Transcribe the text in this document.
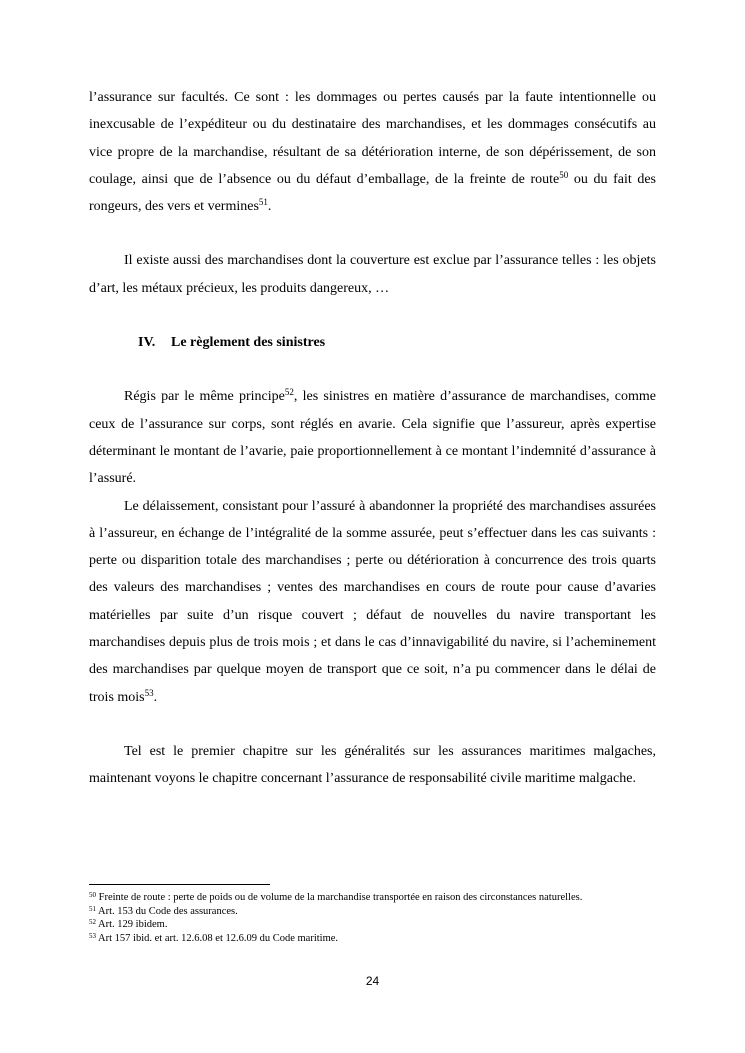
l’assurance sur facultés. Ce sont : les dommages ou pertes causés par la faute intentionnelle ou inexcusable de l’expéditeur ou du destinataire des marchandises, et les dommages consécutifs au vice propre de la marchandise, résultant de sa détérioration interne, de son dépérissement, de son coulage, ainsi que de l’absence ou du défaut d’emballage, de la freinte de route$^{50}$ ou du fait des rongeurs, des vers et vermines$^{51}$.

Il existe aussi des marchandises dont la couverture est exclue par l’assurance telles : les objets d’art, les métaux précieux, les produits dangereux, …

IV. Le règlement des sinistres

Régis par le même principe$^{52}$, les sinistres en matière d’assurance de marchandises, comme ceux de l’assurance sur corps, sont réglés en avarie. Cela signifie que l’assureur, après expertise déterminant le montant de l’avarie, paie proportionnellement à ce montant l’indemnité d’assurance à l’assuré.

Le délaissement, consistant pour l’assuré à abandonner la propriété des marchandises assurées à l’assureur, en échange de l’intégralité de la somme assurée, peut s’effectuer dans les cas suivants : perte ou disparition totale des marchandises ; perte ou détérioration à concurrence des trois quarts des valeurs des marchandises ; ventes des marchandises en cours de route pour cause d’avaries matérielles par suite d’un risque couvert ; défaut de nouvelles du navire transportant les marchandises depuis plus de trois mois ; et dans le cas d’innavigabilité du navire, si l’acheminement des marchandises par quelque moyen de transport que ce soit, n’a pu commencer dans le délai de trois mois$^{53}$.

Tel est le premier chapitre sur les généralités sur les assurances maritimes malgaches, maintenant voyons le chapitre concernant l’assurance de responsabilité civile maritime malgache.

$^{50}$ Freinte de route : perte de poids ou de volume de la marchandise transportée en raison des circonstances naturelles.

$^{51}$ Art. 153 du Code des assurances.

$^{52}$ Art. 129 ibidem.

$^{53}$ Art 157 ibid. et art. 12.6.08 et 12.6.09 du Code maritime.

24
